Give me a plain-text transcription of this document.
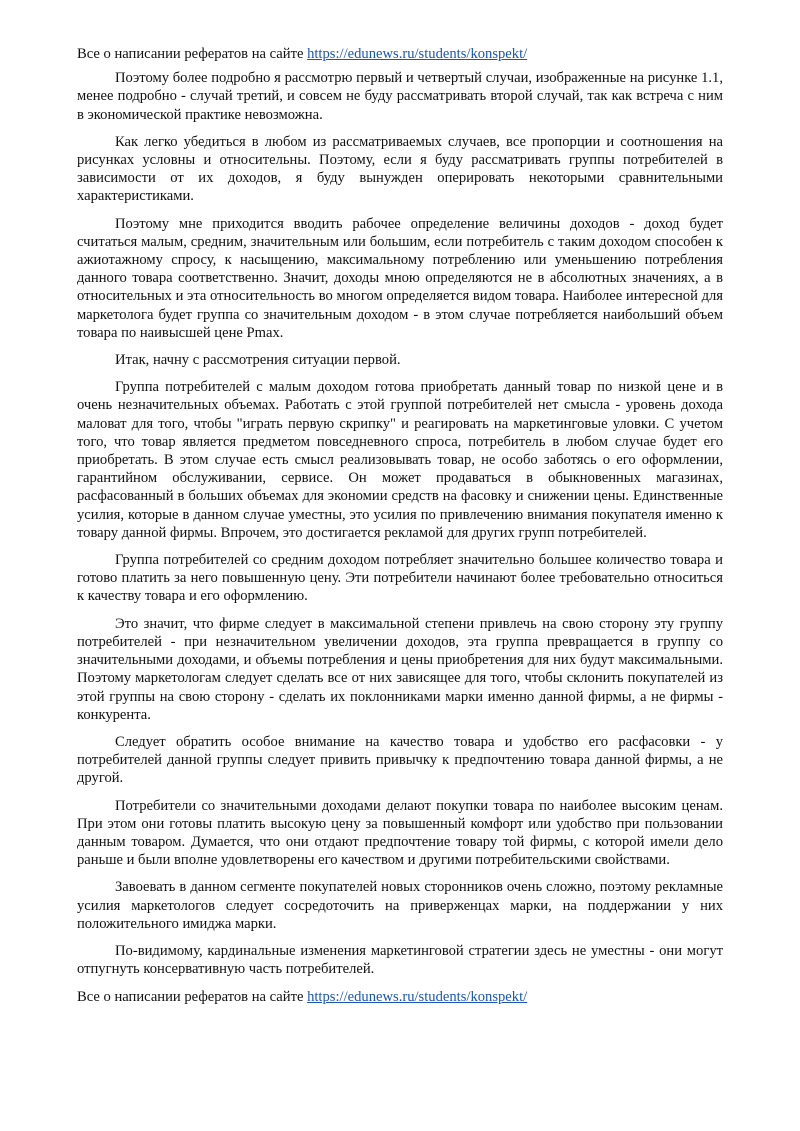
Все о написании рефератов на сайте https://edunews.ru/students/konspekt/

Поэтому более подробно я рассмотрю первый и четвертый случаи, изображенные на рисунке 1.1, менее подробно - случай третий, и совсем не буду рассматривать второй случай, так как встреча с ним в экономической практике невозможна.

Как легко убедиться в любом из рассматриваемых случаев, все пропорции и соотношения на рисунках условны и относительны. Поэтому, если я буду рассматривать группы потребителей в зависимости от их доходов, я буду вынужден оперировать некоторыми сравнительными характеристиками.

Поэтому мне приходится вводить рабочее определение величины доходов - доход будет считаться малым, средним, значительным или большим, если потребитель с таким доходом способен к ажиотажному спросу, к насыщению, максимальному потреблению или уменьшению потребления данного товара соответственно. Значит, доходы мною определяются не в абсолютных значениях, а в относительных и эта относительность во многом определяется видом товара. Наиболее интересной для маркетолога будет группа со значительным доходом - в этом случае потребляется наибольший объем товара по наивысшей цене Pmax.

Итак, начну с рассмотрения ситуации первой.

Группа потребителей с малым доходом готова приобретать данный товар по низкой цене и в очень незначительных объемах. Работать с этой группой потребителей нет смысла - уровень дохода маловат для того, чтобы "играть первую скрипку" и реагировать на маркетинговые уловки. С учетом того, что товар является предметом повседневного спроса, потребитель в любом случае будет его приобретать. В этом случае есть смысл реализовывать товар, не особо заботясь о его оформлении, гарантийном обслуживании, сервисе. Он может продаваться в обыкновенных магазинах, расфасованный в больших объемах для экономии средств на фасовку и снижении цены. Единственные усилия, которые в данном случае уместны, это усилия по привлечению внимания покупателя именно к товару данной фирмы. Впрочем, это достигается рекламой для других групп потребителей.

Группа потребителей со средним доходом потребляет значительно большее количество товара и готово платить за него повышенную цену. Эти потребители начинают более требовательно относиться к качеству товара и его оформлению.

Это значит, что фирме следует в максимальной степени привлечь на свою сторону эту группу потребителей - при незначительном увеличении доходов, эта группа превращается в группу со значительными доходами, и объемы потребления и цены приобретения для них будут максимальными. Поэтому маркетологам следует сделать все от них зависящее для того, чтобы склонить покупателей из этой группы на свою сторону - сделать их поклонниками марки именно данной фирмы, а не фирмы - конкурента.

Следует обратить особое внимание на качество товара и удобство его расфасовки - у потребителей данной группы следует привить привычку к предпочтению товара данной фирмы, а не другой.

Потребители со значительными доходами делают покупки товара по наиболее высоким ценам. При этом они готовы платить высокую цену за повышенный комфорт или удобство при пользовании данным товаром. Думается, что они отдают предпочтение товару той фирмы, с которой имели дело раньше и были вполне удовлетворены его качеством и другими потребительскими свойствами.

Завоевать в данном сегменте покупателей новых сторонников очень сложно, поэтому рекламные усилия маркетологов следует сосредоточить на приверженцах марки, на поддержании у них положительного имиджа марки.

По-видимому, кардинальные изменения маркетинговой стратегии здесь не уместны - они могут отпугнуть консервативную часть потребителей.

Все о написании рефератов на сайте https://edunews.ru/students/konspekt/
